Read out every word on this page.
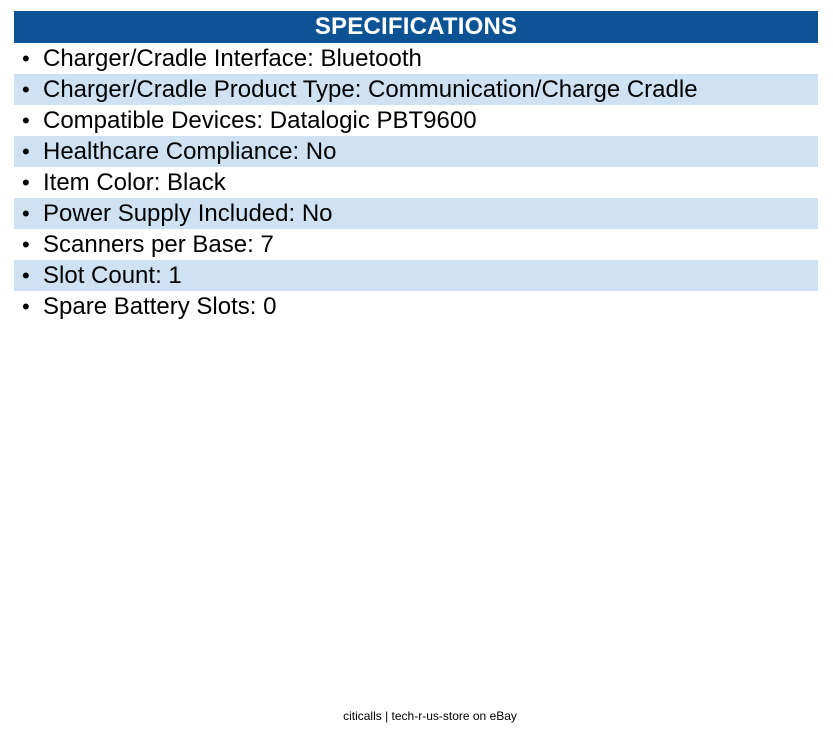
SPECIFICATIONS
• Charger/Cradle Interface: Bluetooth
• Charger/Cradle Product Type: Communication/Charge Cradle
• Compatible Devices: Datalogic PBT9600
• Healthcare Compliance: No
• Item Color: Black
• Power Supply Included: No
• Scanners per Base: 7
• Slot Count: 1
• Spare Battery Slots: 0
citicalls | tech-r-us-store on eBay
